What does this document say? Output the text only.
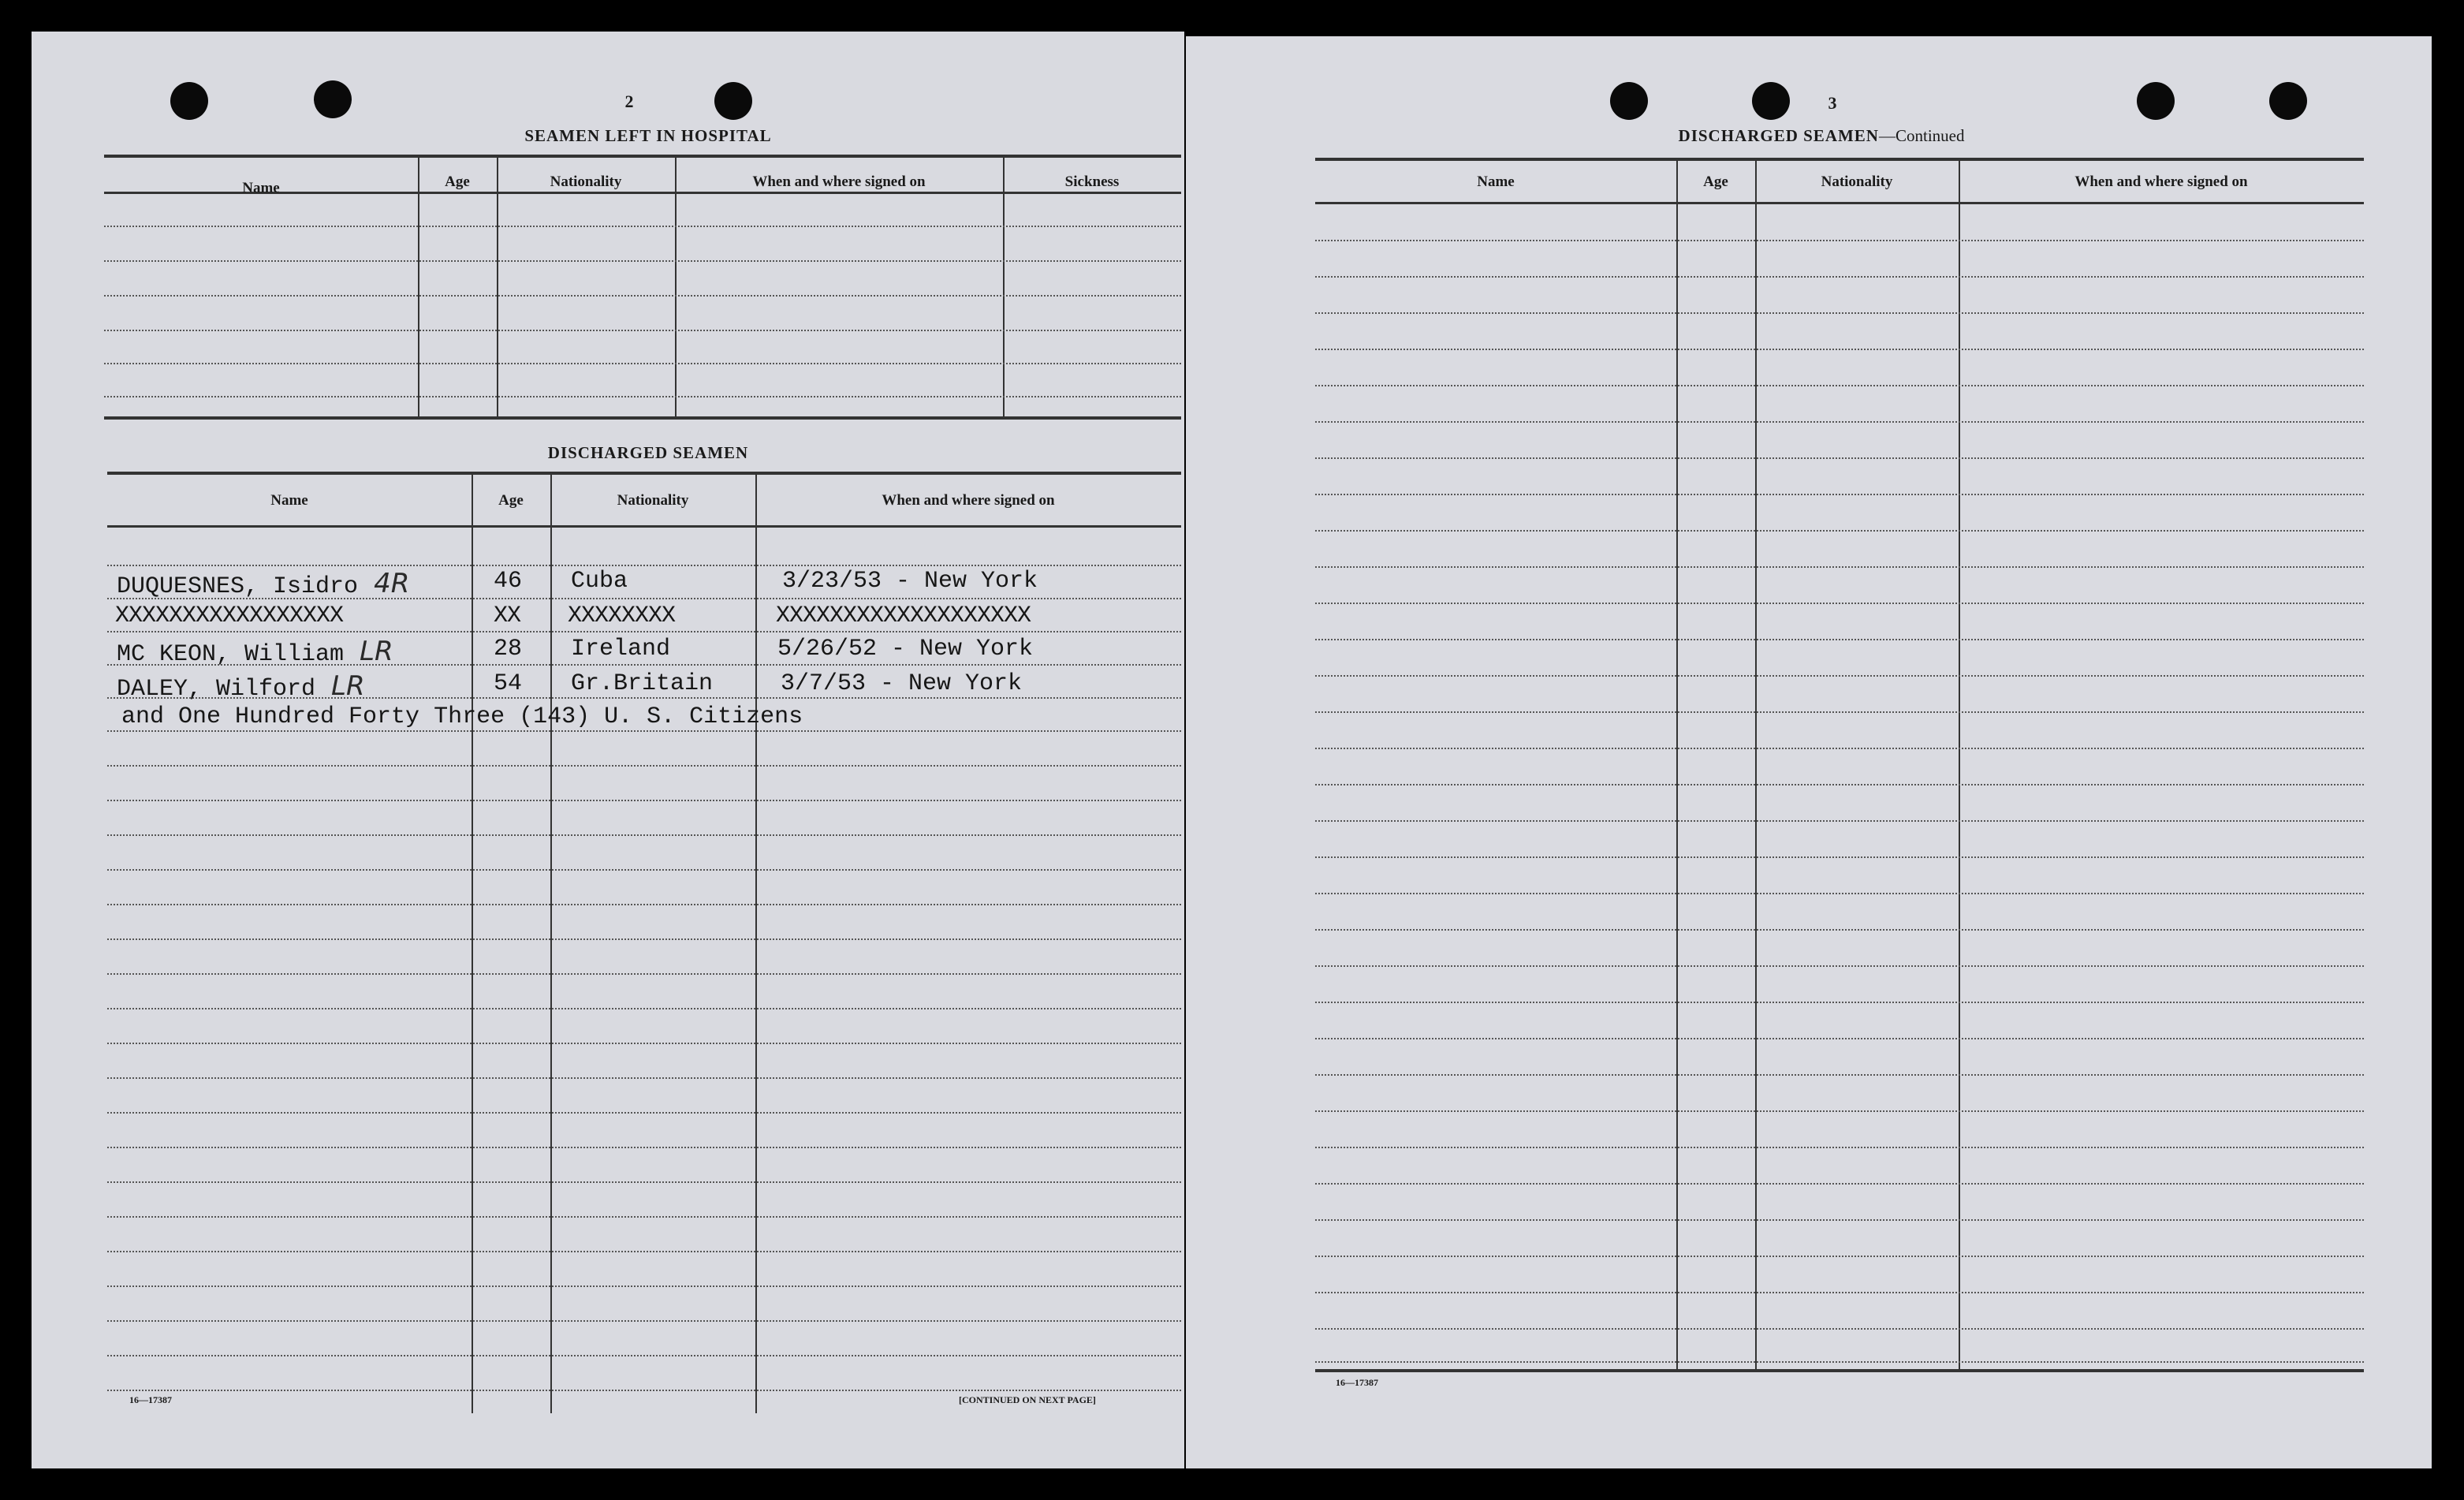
2
SEAMEN LEFT IN HOSPITAL
Name	Age	Nationality	When and where signed on	Sickness
DISCHARGED SEAMEN
Name	Age	Nationality	When and where signed on
DUQUESNES, Isidro 4R	46 Cuba	3/23/53 - New York
XXXXXXXXXXXXXXXXX	XX XXXXXXXX	XXXXXXXXXXXXXXXXXXX
MC KEON, William LR	28 Ireland	5/26/52 - New York
DALEY, Wilford LR	54 Gr.Britain	3/7/53 - New York
and One Hundred Forty Three (143) U. S. Citizens
16—17387	[CONTINUED ON NEXT PAGE]
3
DISCHARGED SEAMEN—Continued
Name	Age	Nationality	When and where signed on
16—17387
